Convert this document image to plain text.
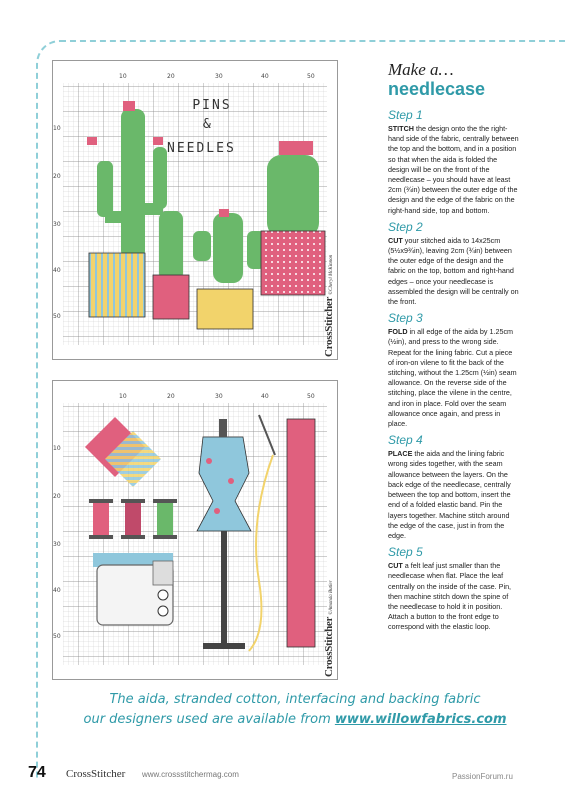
10	20	30	40	50
10
20
30
40
50
PINS
&
NEEDLES
CrossStitcher ©Cheryl McKinnon
10	20	30	40	50
10
20
30
40
50	CrossStitcher ©Amanda Butler
Make a…
needlecase
Step 1

STITCH the design onto the the right-hand side of the fabric, centrally between the top and the bottom, and in a position so that when the aida is folded the design will be on the front of the needlecase – you should have at least 2cm (¾in) between the outer edge of the design and the edge of the fabric on the right-hand side, top and bottom.

Step 2

CUT your stitched aida to 14x25cm (5½x9¾in), leaving 2cm (¾in) between the outer edge of the design and the fabric on the top, bottom and right-hand edges – once your needlecase is assembled the design will be centrally on the front.

Step 3

FOLD in all edge of the aida by 1.25cm (½in), and press to the wrong side. Repeat for the lining fabric. Cut a piece of iron-on vilene to fit the back of the stitching, without the 1.25cm (½in) seam allowance. On the reverse side of the stitching, place the vilene in the centre, and iron in place. Fold over the seam allowance once again, and press in place.

Step 4

PLACE the aida and the lining fabric wrong sides together, with the seam allowance between the layers. On the back edge of the needlecase, centrally between the top and bottom, insert the end of a folded elastic band. Pin the layers together. Machine stitch around the edge of the case, just in from the edge.

Step 5

CUT a felt leaf just smaller than the needlecase when flat. Place the leaf centrally on the inside of the case. Pin, then machine stitch down the spine of the needlecase to hold it in position. Attach a button to the front edge to correspond with the elastic loop.

The aida, stranded cotton, interfacing and backing fabric
our designers used are available from www.willowfabrics.com
74 CrossStitcher www.crossstitchermag.com	PassionForum.ru
